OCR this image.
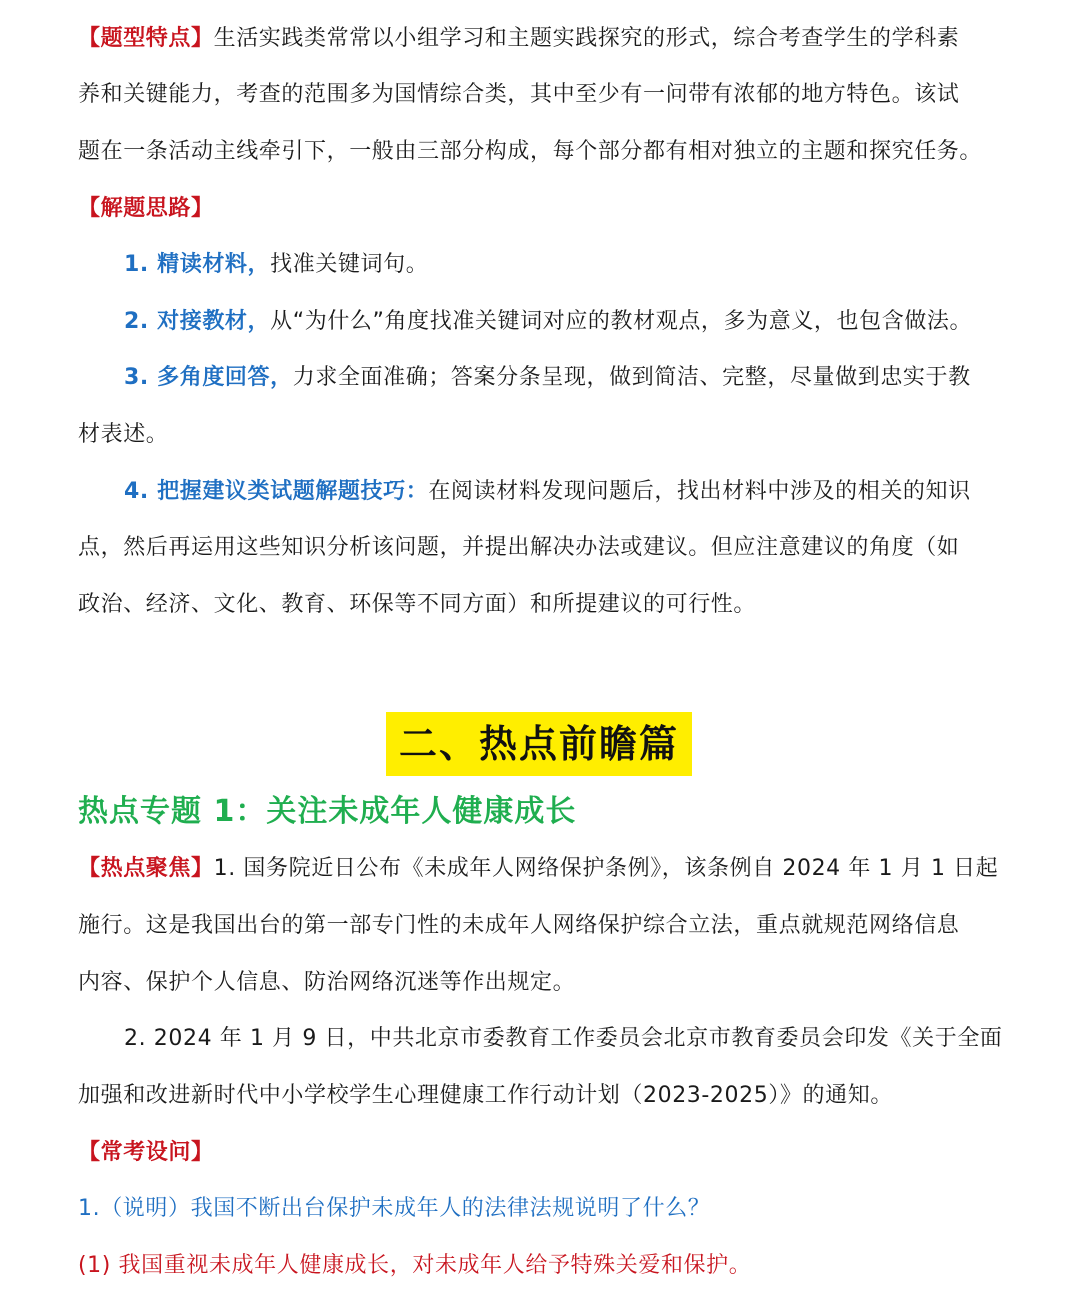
【题型特点】生活实践类常常以小组学习和主题实践探究的形式，综合考查学生的学科素
养和关键能力，考查的范围多为国情综合类，其中至少有一问带有浓郁的地方特色。该试
题在一条活动主线牵引下，一般由三部分构成，每个部分都有相对独立的主题和探究任务。
【解题思路】
1. 精读材料，找准关键词句。
2. 对接教材，从“为什么”角度找准关键词对应的教材观点，多为意义，也包含做法。
3. 多角度回答，力求全面准确；答案分条呈现，做到简洁、完整，尽量做到忠实于教
材表述。
4. 把握建议类试题解题技巧：在阅读材料发现问题后，找出材料中涉及的相关的知识
点，然后再运用这些知识分析该问题，并提出解决办法或建议。但应注意建议的角度（如
政治、经济、文化、教育、环保等不同方面）和所提建议的可行性。
二、热点前瞻篇
热点专题 1：关注未成年人健康成长
【热点聚焦】1. 国务院近日公布《未成年人网络保护条例》，该条例自 2024 年 1 月 1 日起
施行。这是我国出台的第一部专门性的未成年人网络保护综合立法，重点就规范网络信息
内容、保护个人信息、防治网络沉迷等作出规定。
2. 2024 年 1 月 9 日，中共北京市委教育工作委员会北京市教育委员会印发《关于全面
加强和改进新时代中小学校学生心理健康工作行动计划（2023-2025）》的通知。
【常考设问】
1.（说明）我国不断出台保护未成年人的法律法规说明了什么？
(1) 我国重视未成年人健康成长，对未成年人给予特殊关爱和保护。
